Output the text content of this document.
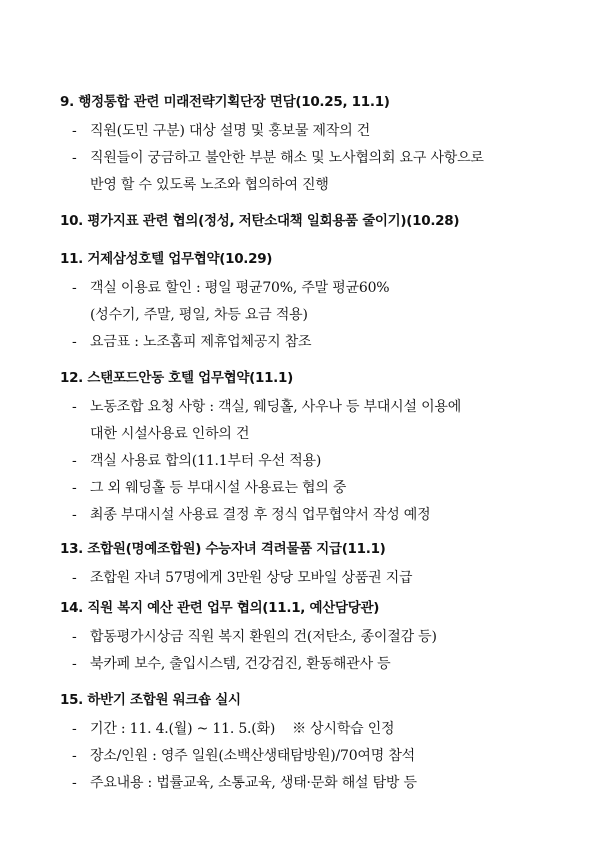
9. 행정통합 관련 미래전략기획단장 면담(10.25, 11.1)
- 직원(도민 구분) 대상 설명 및 홍보물 제작의 건
- 직원들이 궁금하고 불안한 부분 해소 및 노사협의회 요구 사항으로
반영 할 수 있도록 노조와 협의하여 진행
10. 평가지표 관련 협의(정성, 저탄소대책 일회용품 줄이기)(10.28)
11. 거제삼성호텔 업무협약(10.29)
- 객실 이용료 할인 : 평일 평균70%, 주말 평균60%
(성수기, 주말, 평일, 차등 요금 적용)
- 요금표 : 노조홈피 제휴업체공지 참조
12. 스탠포드안동 호텔 업무협약(11.1)
- 노동조합 요청 사항 : 객실, 웨딩홀, 사우나 등 부대시설 이용에
대한 시설사용료 인하의 건
- 객실 사용료 합의(11.1부터 우선 적용)
- 그 외 웨딩홀 등 부대시설 사용료는 협의 중
- 최종 부대시설 사용료 결정 후 정식 업무협약서 작성 예정
13. 조합원(명예조합원) 수능자녀 격려물품 지급(11.1)
- 조합원 자녀 57명에게 3만원 상당 모바일 상품권 지급
14. 직원 복지 예산 관련 업무 협의(11.1, 예산담당관)
- 합동평가시상금 직원 복지 환원의 건(저탄소, 종이절감 등)
- 북카페 보수, 출입시스템, 건강검진, 환동해관사 등
15. 하반기 조합원 워크숍 실시
- 기간 : 11. 4.(월) ~ 11. 5.(화)    ※ 상시학습 인정
- 장소/인원 : 영주 일원(소백산생태탐방원)/70여명 참석
- 주요내용 : 법률교육, 소통교육, 생태·문화 해설 탐방 등
